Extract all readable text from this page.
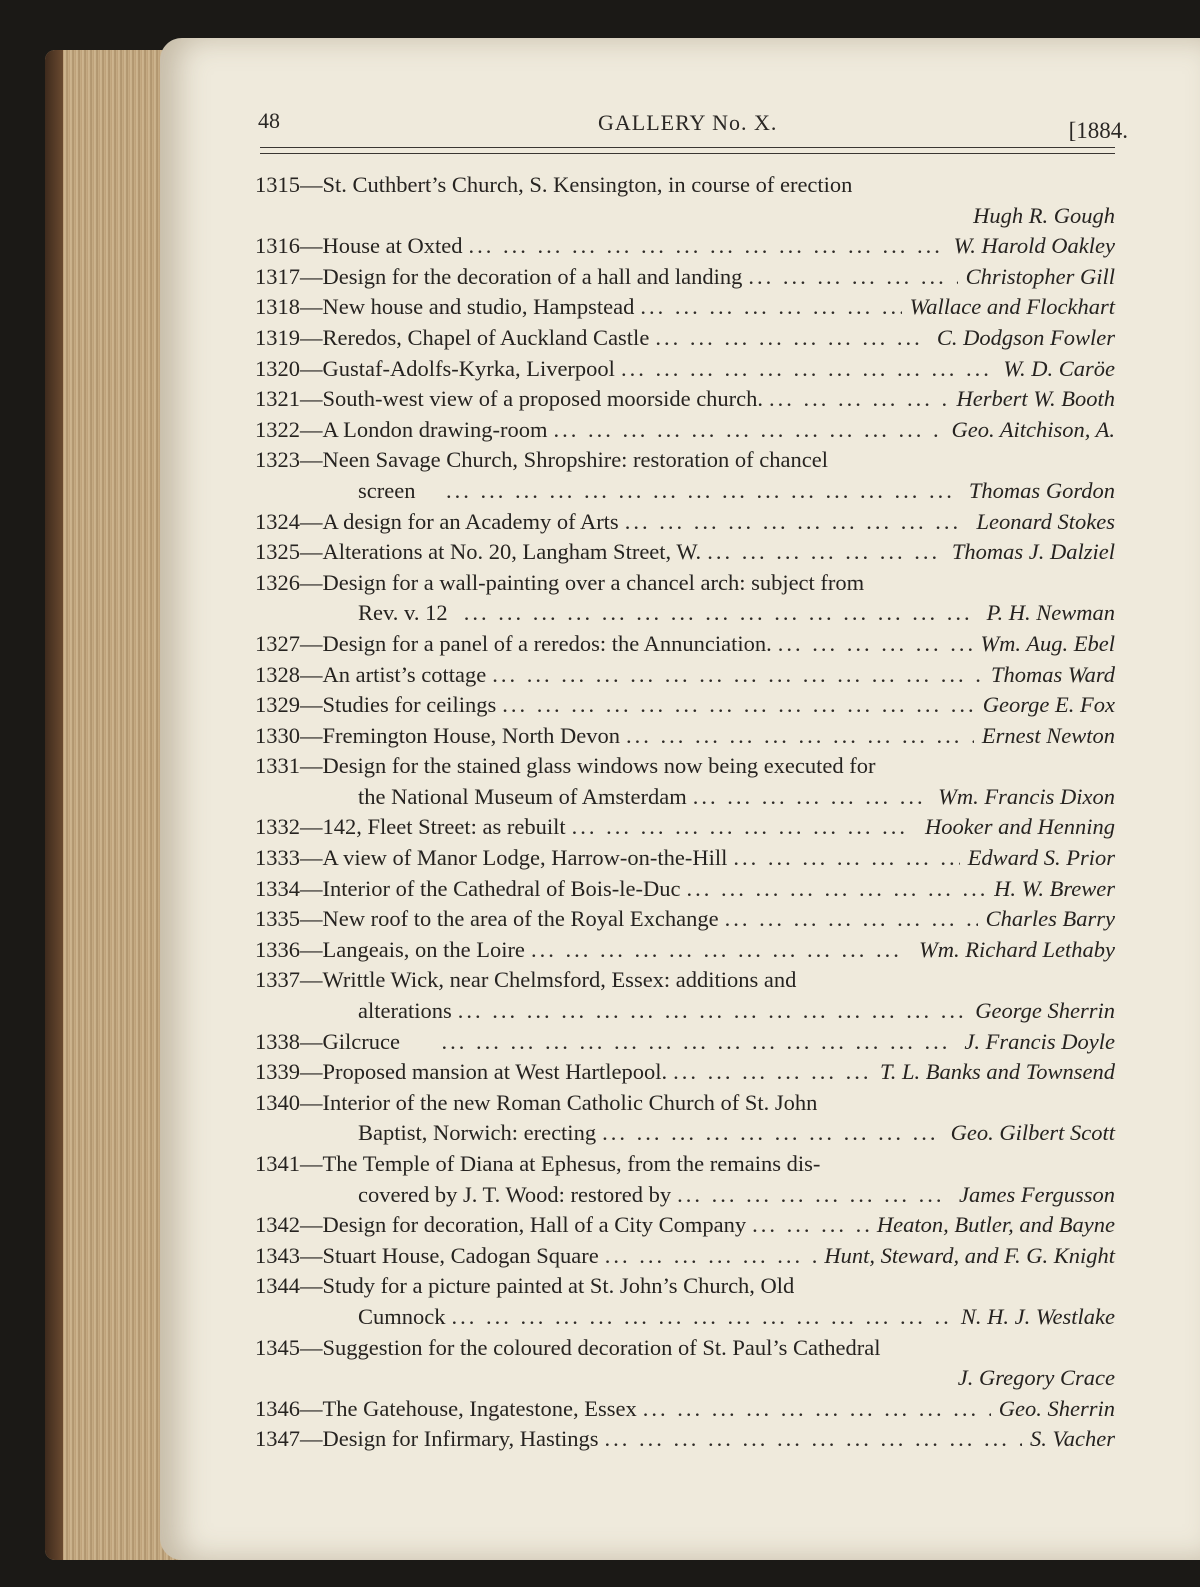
48	GALLERY No. X.	[1884.
1315—St. Cuthbert’s Church, S. Kensington, in course of erection
Hugh R. Gough
1316—House at Oxted ... .	W. Harold Oakley
1317—Design for the decoration of a hall and landing ... .	Christopher Gill
1318—New house and studio, Hampstead ... .	Wallace and Flockhart
1319—Reredos, Chapel of Auckland Castle ... .	C. Dodgson Fowler
1320—Gustaf-Adolfs-Kyrka, Liverpool ... .	W. D. Caröe
1321—South-west view of a proposed moorside church. ... .	Herbert W. Booth
1322—A London drawing-room ... .	Geo. Aitchison, A.
1323—Neen Savage Church, Shropshire: restoration of chancel
screen ... .	Thomas Gordon
1324—A design for an Academy of Arts ... .	Leonard Stokes
1325—Alterations at No. 20, Langham Street, W. ... .	Thomas J. Dalziel
1326—Design for a wall-painting over a chancel arch: subject from
Rev. v. 12 ... .	P. H. Newman
1327—Design for a panel of a reredos: the Annunciation. ... .	Wm. Aug. Ebel
1328—An artist’s cottage ... .	Thomas Ward
1329—Studies for ceilings ... .	George E. Fox
1330—Fremington House, North Devon ... .	Ernest Newton
1331—Design for the stained glass windows now being executed for
the National Museum of Amsterdam ... .	Wm. Francis Dixon
1332—142, Fleet Street: as rebuilt ... .	Hooker and Henning
1333—A view of Manor Lodge, Harrow-on-the-Hill ... .	Edward S. Prior
1334—Interior of the Cathedral of Bois-le-Duc ... .	H. W. Brewer
1335—New roof to the area of the Royal Exchange ... .	Charles Barry
1336—Langeais, on the Loire ... .	Wm. Richard Lethaby
1337—Writtle Wick, near Chelmsford, Essex: additions and
alterations ... .	George Sherrin
1338—Gilcruce ... .	J. Francis Doyle
1339—Proposed mansion at West Hartlepool. ... .	T. L. Banks and Townsend
1340—Interior of the new Roman Catholic Church of St. John
Baptist, Norwich: erecting ... .	Geo. Gilbert Scott
1341—The Temple of Diana at Ephesus, from the remains dis-
covered by J. T. Wood: restored by ... .	James Fergusson
1342—Design for decoration, Hall of a City Company ... .	Heaton, Butler, and Bayne
1343—Stuart House, Cadogan Square ... .	Hunt, Steward, and F. G. Knight
1344—Study for a picture painted at St. John’s Church, Old
Cumnock ... .	N. H. J. Westlake
1345—Suggestion for the coloured decoration of St. Paul’s Cathedral
J. Gregory Crace
1346—The Gatehouse, Ingatestone, Essex ... .	Geo. Sherrin
1347—Design for Infirmary, Hastings ... .	S. Vacher
